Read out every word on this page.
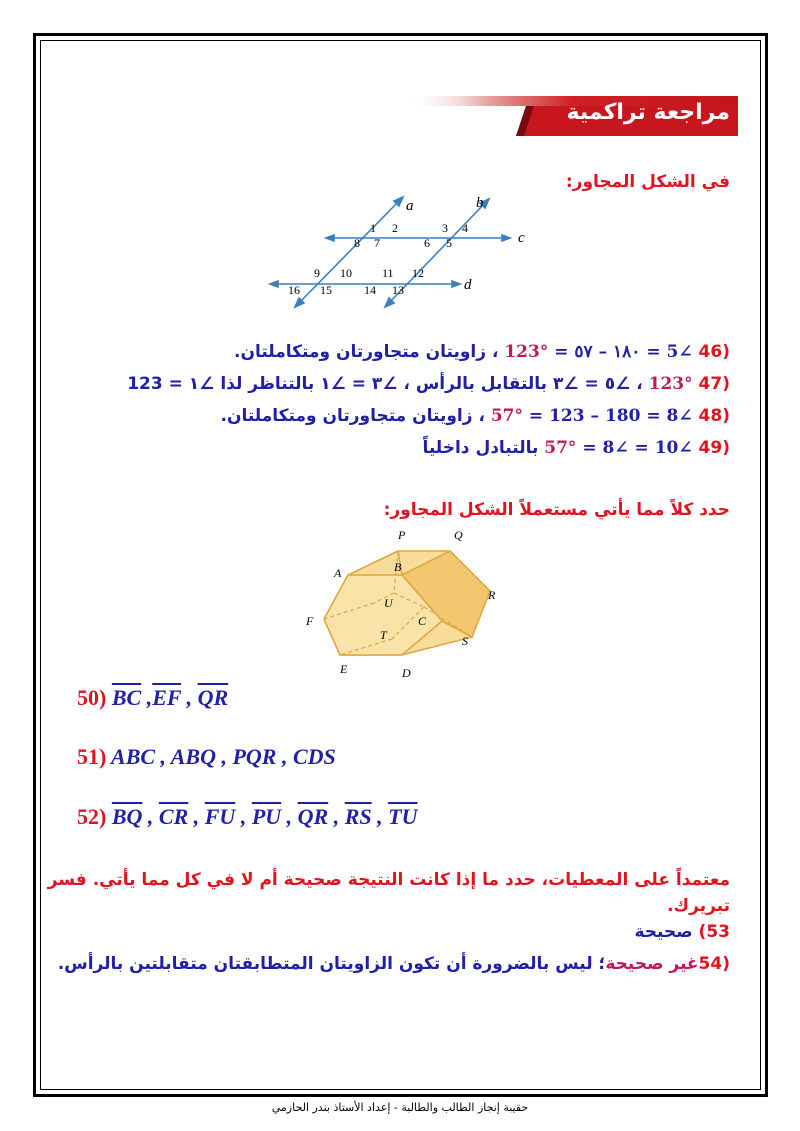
مراجعة تراكمية
في الشكل المجاور:
1 2
8 7
3 4
6 5
9 10	11 12
16 15	14 13
a	b
c
d
(46 ∠5 = ١٨٠ – ٥٧ = 123° ، زاويتان متجاورتان ومتكاملتان.
(47 123° ، ∠٥ = ∠٣ بالتقابل بالرأس ، ∠٣ = ∠١ بالتناظر لذا ∠١ = 123
(48 ∠8 = 180 – 123 = 57° ، زاويتان متجاورتان ومتكاملتان.
(49 ∠10 = ∠8 = 57° بالتبادل داخلياً
حدد كلاً مما يأتي مستعملاً الشكل المجاور:
P	Q
A	B
R
U
F	C
T	S
E	D
50) $\overline{BC}$ $,\overline{EF}$ , $\overline{QR}$
51) ABC , ABQ , PQR , CDS
52) $\overline{BQ}$ , $\overline{CR}$ , $\overline{FU}$ , $\overline{PU}$ , $\overline{QR}$ , $\overline{RS}$ , $\overline{TU}$
معتمداً على المعطيات، حدد ما إذا كانت النتيجة صحيحة أم لا في كل مما يأتي. فسر
تبريرك.
53) صحيحة
(54غير صحيحة؛ ليس بالضرورة أن تكون الزاويتان المتطابقتان متقابلتين بالرأس.
حقيبة إنجاز الطالب والطالبة - إعداد الأستاذ بندر الحازمي
